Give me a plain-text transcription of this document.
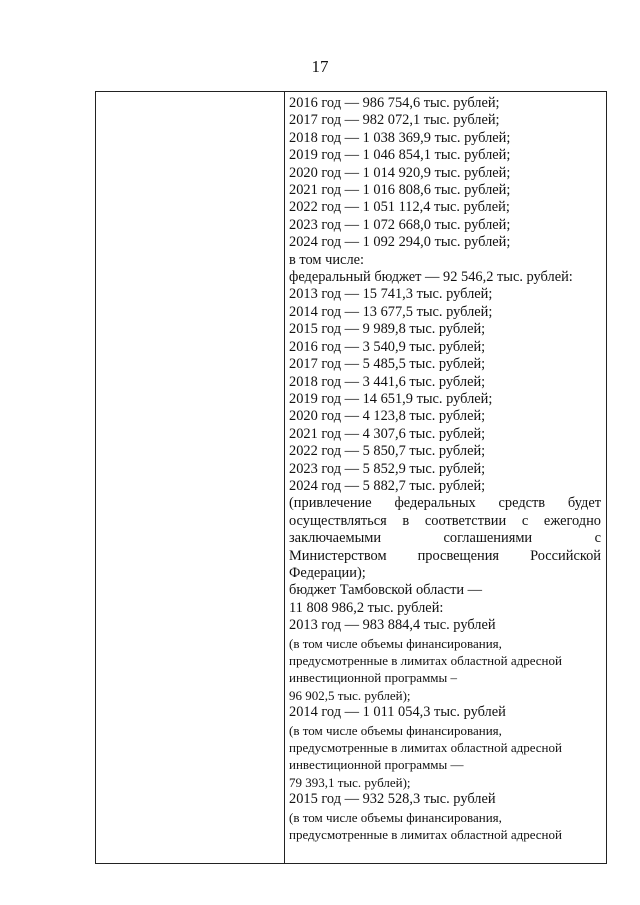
17
2016 год — 986 754,6 тыс. рублей;
2017 год — 982 072,1 тыс. рублей;
2018 год — 1 038 369,9 тыс. рублей;
2019 год — 1 046 854,1 тыс. рублей;
2020 год — 1 014 920,9 тыс. рублей;
2021 год — 1 016 808,6 тыс. рублей;
2022 год — 1 051 112,4 тыс. рублей;
2023 год — 1 072 668,0 тыс. рублей;
2024 год — 1 092 294,0 тыс. рублей;
в том числе:
федеральный бюджет — 92 546,2 тыс. рублей:
2013 год — 15 741,3 тыс. рублей;
2014 год — 13 677,5 тыс. рублей;
2015 год — 9 989,8 тыс. рублей;
2016 год — 3 540,9 тыс. рублей;
2017 год — 5 485,5 тыс. рублей;
2018 год — 3 441,6 тыс. рублей;
2019 год — 14 651,9 тыс. рублей;
2020 год — 4 123,8 тыс. рублей;
2021 год — 4 307,6 тыс. рублей;
2022 год — 5 850,7 тыс. рублей;
2023 год — 5 852,9 тыс. рублей;
2024 год — 5 882,7 тыс. рублей;
(привлечение федеральных средств будет
осуществляться в соответствии с ежегодно
заключаемыми соглашениями с
Министерством просвещения Российской
Федерации);
бюджет Тамбовской области —
11 808 986,2 тыс. рублей:
2013 год — 983 884,4 тыс. рублей
(в том числе объемы финансирования,
предусмотренные в лимитах областной адресной
инвестиционной программы –
96 902,5 тыс. рублей);
2014 год — 1 011 054,3 тыс. рублей
(в том числе объемы финансирования,
предусмотренные в лимитах областной адресной
инвестиционной программы —
79 393,1 тыс. рублей);
2015 год — 932 528,3 тыс. рублей
(в том числе объемы финансирования,
предусмотренные в лимитах областной адресной
